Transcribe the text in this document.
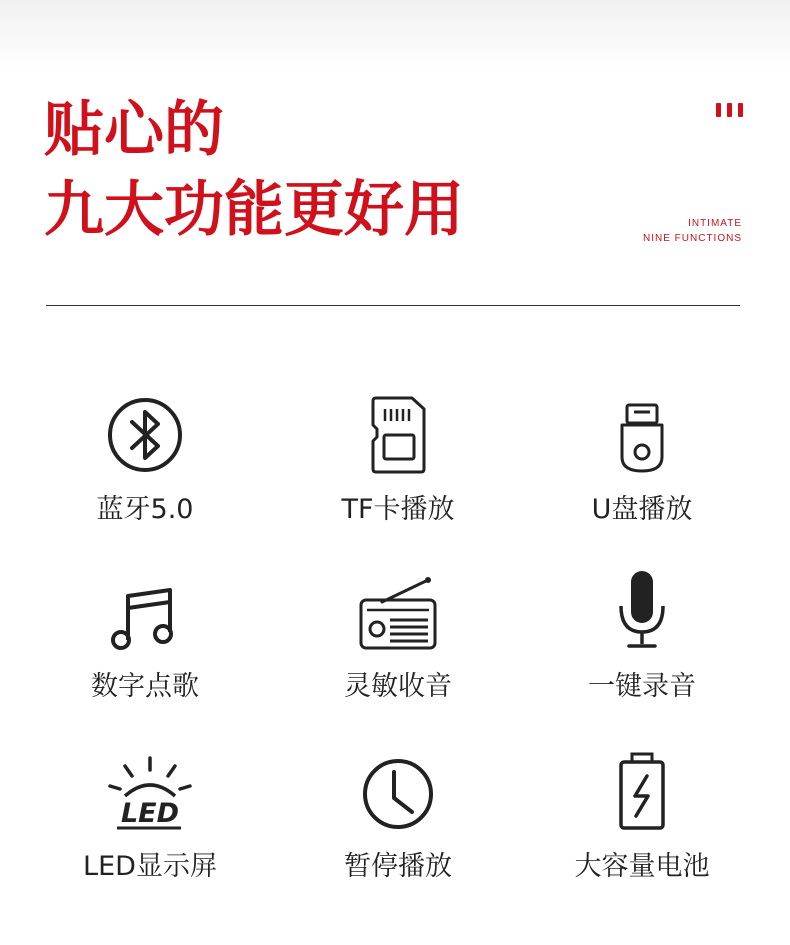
贴心的
九大功能更好用	INTIMATE
NINE FUNCTIONS
蓝牙5.0	TF卡播放	U盘播放
数字点歌	灵敏收音	一键录音
LED
LED显示屏	暂停播放	大容量电池
